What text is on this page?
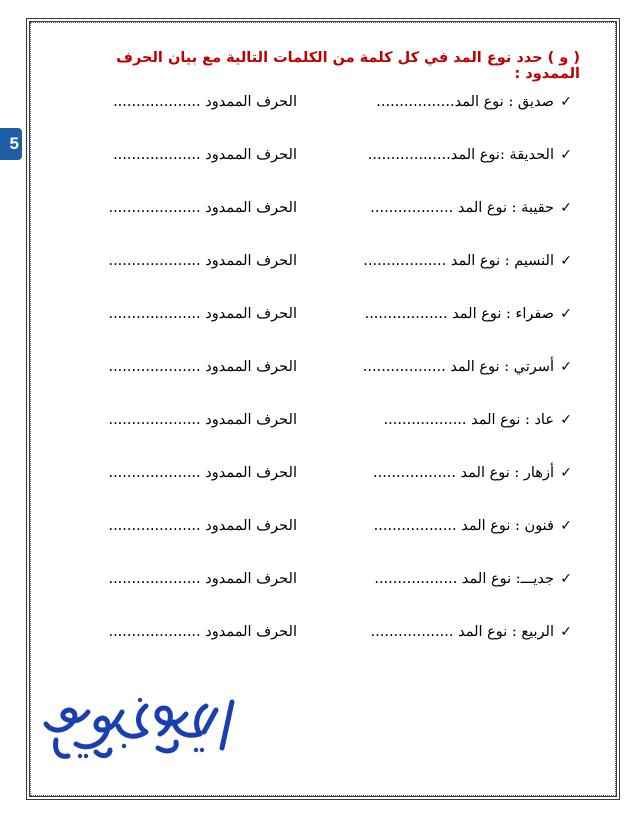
5
( و ) حدد نوع المد في كل كلمة من الكلمات التالية مع بيان الحرف الممدود :
✓
صديق : نوع المد.................
الحرف الممدود ...................
✓
الحديقة :نوع المد..................
الحرف الممدود ...................
✓
حقيبة : نوع المد ..................
الحرف الممدود ....................
✓
النسيم : نوع المد ..................
الحرف الممدود ....................
✓
صفراء : نوع المد ..................
الحرف الممدود ....................
✓
أسرتي : نوع المد ..................
الحرف الممدود ....................
✓
عاد : نوع المد ..................
الحرف الممدود ....................
✓
أزهار : نوع المد ..................
الحرف الممدود ....................
✓
فنون : نوع المد ..................
الحرف الممدود ....................
✓
جديـــ: نوع المد ..................
الحرف الممدود ....................
✓
الربيع : نوع المد ..................
الحرف الممدود ....................
